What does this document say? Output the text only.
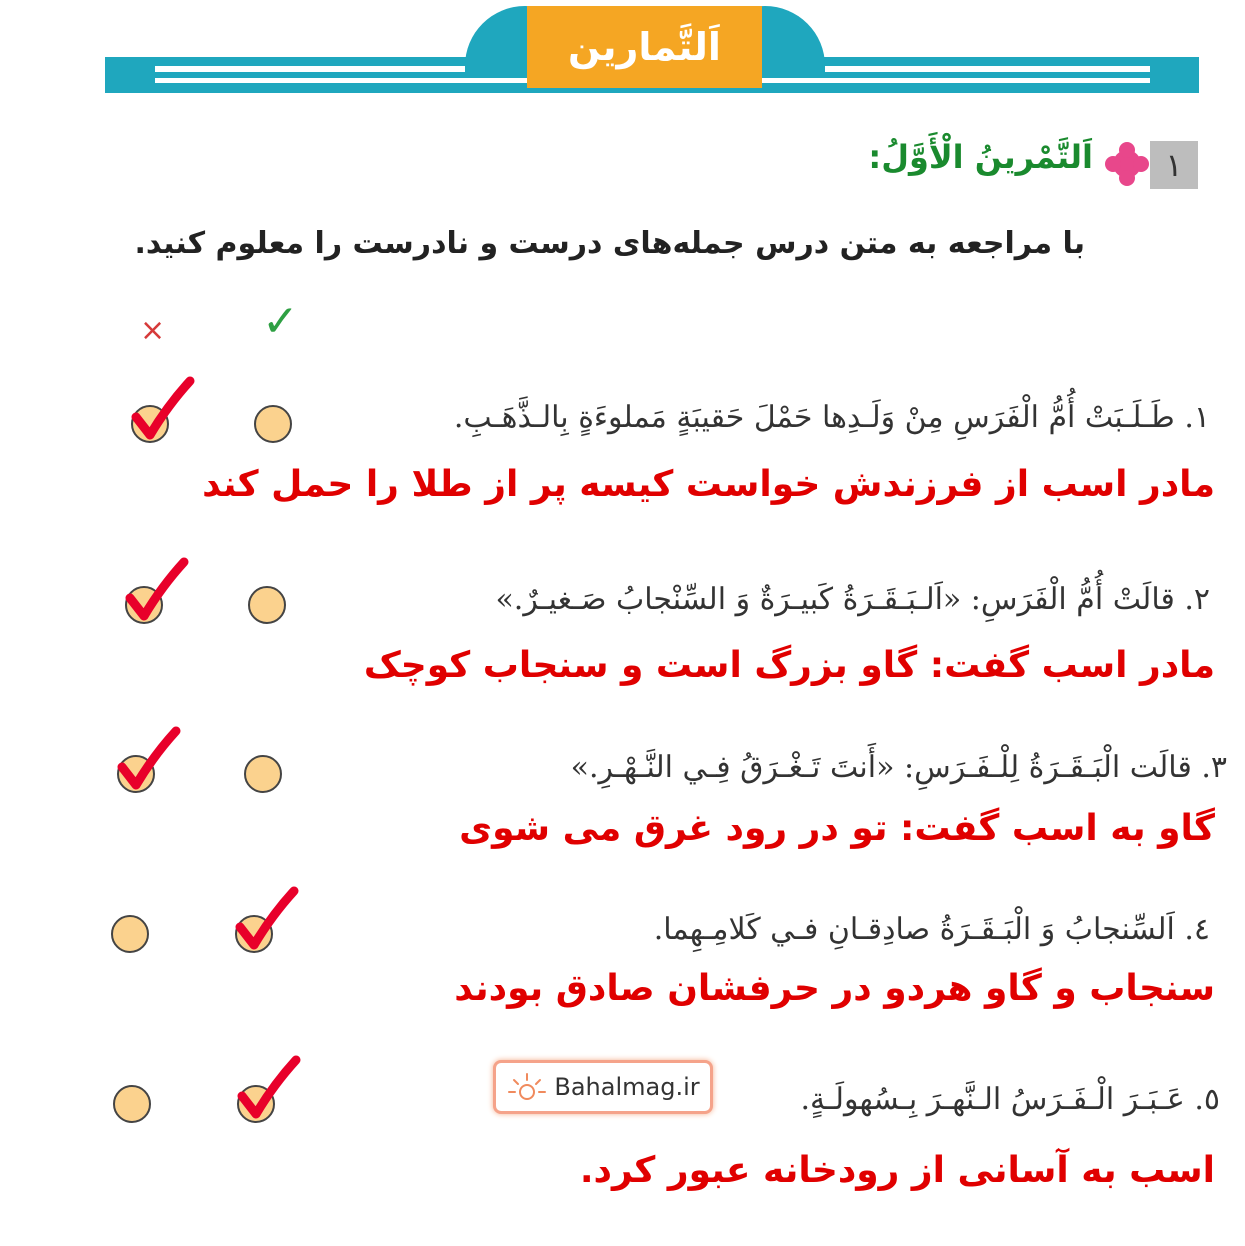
اَلتَّمارین
١
اَلتَّمْرینُ الْأَوَّلُ:
با مراجعه به متن درس جمله‌های درست و نادرست را معلوم کنید.
× ✓
١. طَـلَـبَتْ أُمُّ الْفَرَسِ مِنْ وَلَـدِها حَمْلَ حَقيبَةٍ مَملوءَةٍ بِالـذَّهَـبِ.
مادر اسب از فرزندش خواست کیسه پر از طلا را حمل کند
٢. قالَتْ أُمُّ الْفَرَسِ: «اَلـبَـقَـرَةُ كَبيـرَةٌ وَ السِّنْجابُ صَـغيـرٌ.»
مادر اسب گفت: گاو بزرگ است و سنجاب کوچک
٣. قالَت الْبَـقَـرَةُ لِلْـفَـرَسِ: «أَنتَ تَـغْـرَقُ فِـي النَّـهْـرِ.»
گاو به اسب گفت: تو در رود غرق می شوی
٤. اَلسِّنجابُ وَ الْبَـقَـرَةُ صادِقـانِ فـي كَلامِـهِما.
سنجاب و گاو هردو در حرفشان صادق بودند
٥. عَـبَـرَ الْـفَـرَسُ الـنَّهـرَ بِـسُهولَـةٍ.
اسب به آسانی از رودخانه عبور کرد.
Bahalmag.ir
